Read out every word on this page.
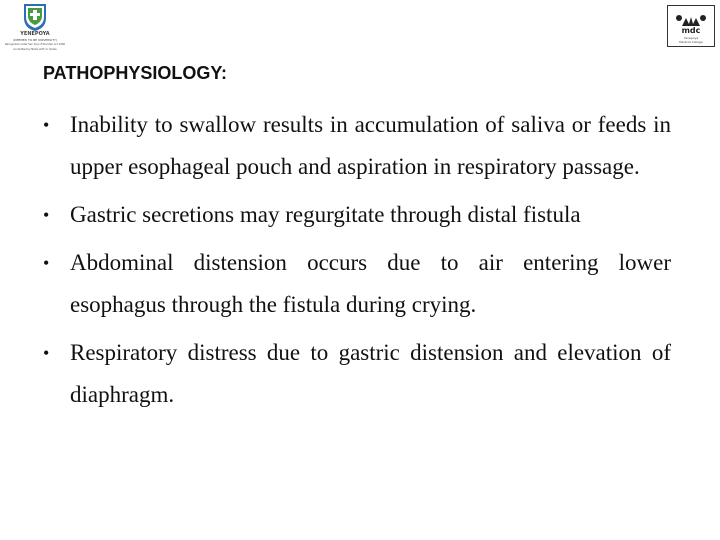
YENEPOYA
(DEEMED TO BE UNIVERSITY)
Recognized under Sec 3(a) of the UGC Act 1956
Accredited by NAAC with 'A' Grade
mdc
Yenepoya
Medical College
PATHOPHYSIOLOGY:
• Inability to swallow results in accumulation of saliva or feeds in upper esophageal pouch and aspiration in respiratory passage.
• Gastric secretions may regurgitate through distal fistula
• Abdominal distension occurs due to air entering lower esophagus through the fistula during crying.
• Respiratory distress due to gastric distension and elevation of diaphragm.
